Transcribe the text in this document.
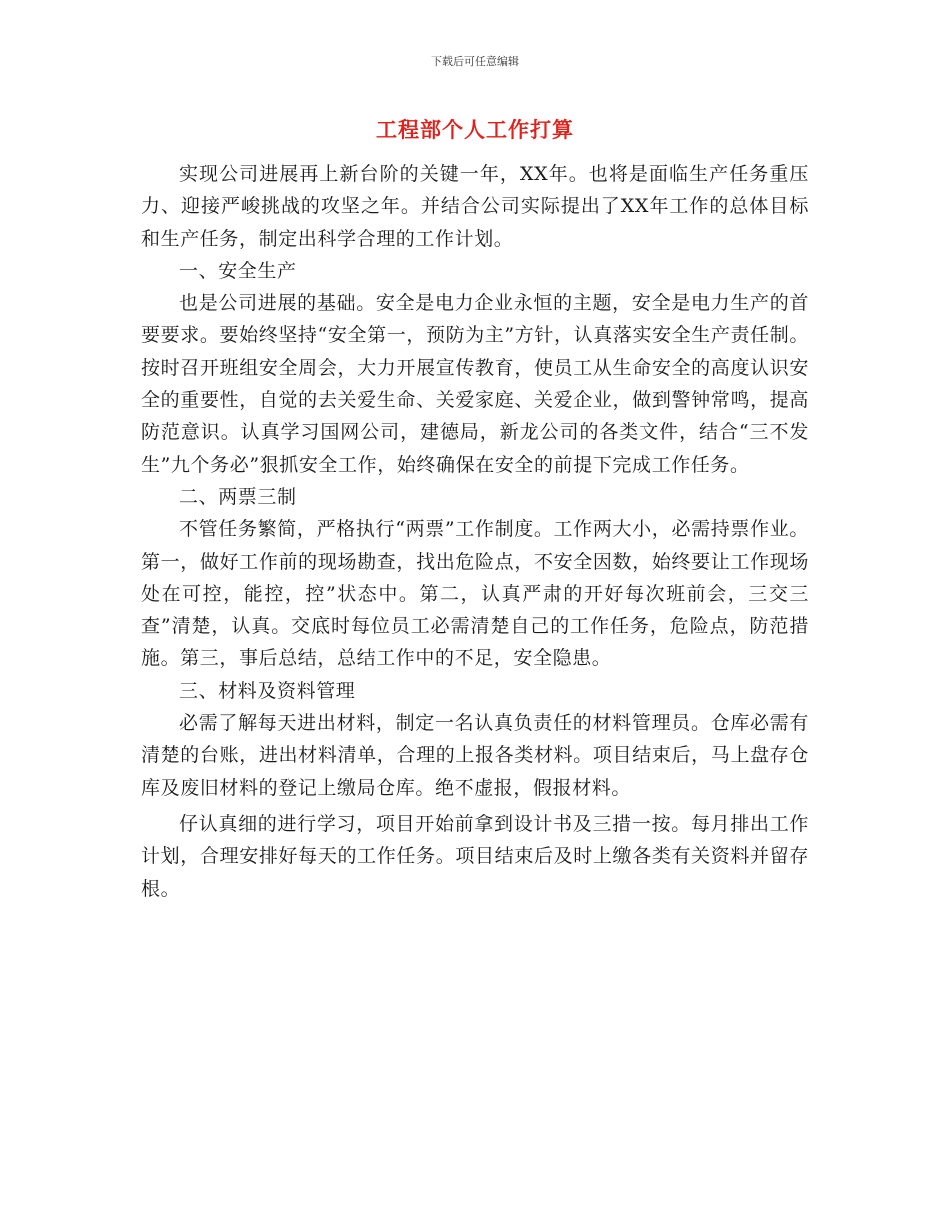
下载后可任意编辑
工程部个人工作打算

实现公司进展再上新台阶的关键一年，XX年。也将是面临生产任务重压力、迎接严峻挑战的攻坚之年。并结合公司实际提出了XX年工作的总体目标和生产任务，制定出科学合理的工作计划。

一、安全生产

也是公司进展的基础。安全是电力企业永恒的主题，安全是电力生产的首要要求。要始终坚持“安全第一，预防为主”方针，认真落实安全生产责任制。按时召开班组安全周会，大力开展宣传教育，使员工从生命安全的高度认识安全的重要性，自觉的去关爱生命、关爱家庭、关爱企业，做到警钟常鸣，提高防范意识。认真学习国网公司，建德局，新龙公司的各类文件，结合“三不发生”九个务必”狠抓安全工作，始终确保在安全的前提下完成工作任务。

二、两票三制

不管任务繁简，严格执行“两票”工作制度。工作两大小，必需持票作业。第一，做好工作前的现场勘查，找出危险点，不安全因数，始终要让工作现场处在可控，能控，控”状态中。第二，认真严肃的开好每次班前会，三交三查”清楚，认真。交底时每位员工必需清楚自己的工作任务，危险点，防范措施。第三，事后总结，总结工作中的不足，安全隐患。

三、材料及资料管理

必需了解每天进出材料，制定一名认真负责任的材料管理员。仓库必需有清楚的台账，进出材料清单，合理的上报各类材料。项目结束后，马上盘存仓库及废旧材料的登记上缴局仓库。绝不虚报，假报材料。

仔认真细的进行学习，项目开始前拿到设计书及三措一按。每月排出工作计划，合理安排好每天的工作任务。项目结束后及时上缴各类有关资料并留存根。
